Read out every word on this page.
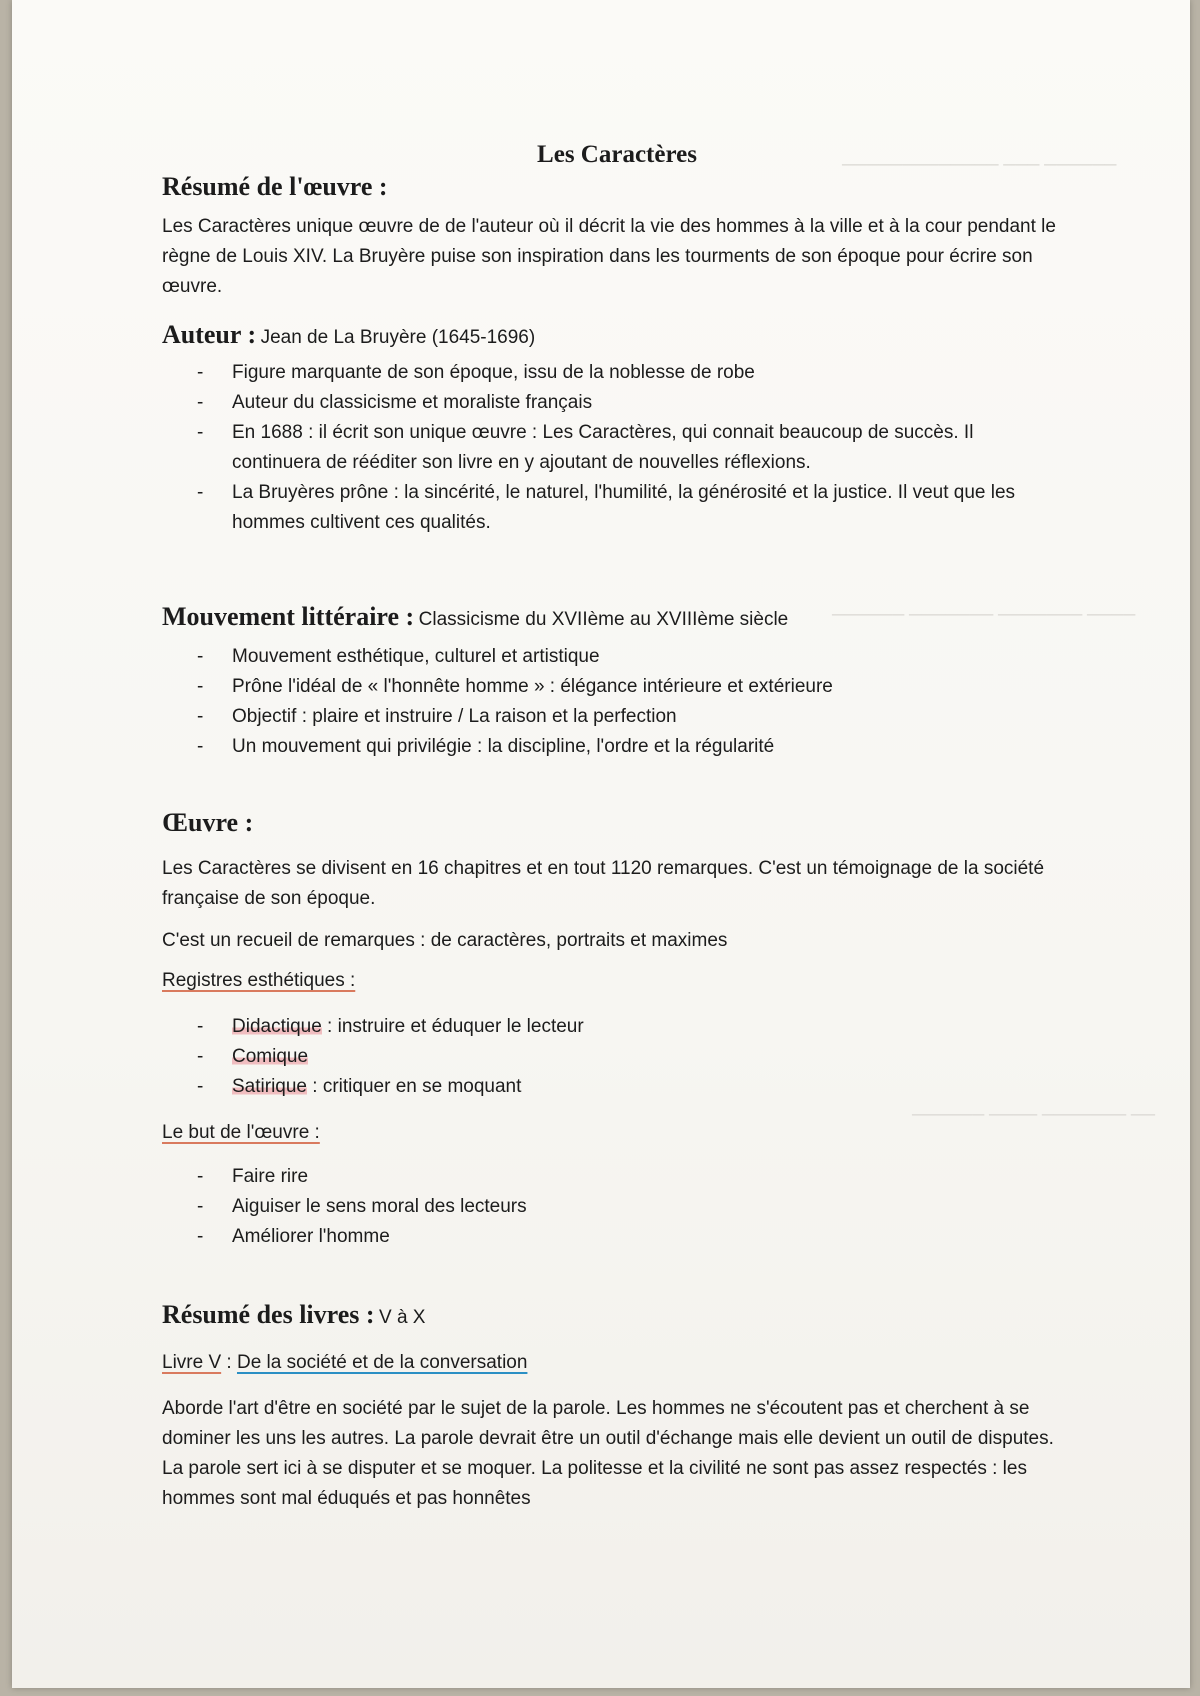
───────────── ─── ──────
────── ─────── ─────── ────
────── ──── ─────── ──
Les Caractères
Résumé de l'œuvre :

Les Caractères unique œuvre de de l'auteur où il décrit la vie des hommes à la ville et à la cour pendant le règne de Louis XIV. La Bruyère puise son inspiration dans les tourments de son époque pour écrire son œuvre.

Auteur : Jean de La Bruyère (1645-1696)
- Figure marquante de son époque, issu de la noblesse de robe
- Auteur du classicisme et moraliste français
- En 1688 : il écrit son unique œuvre : Les Caractères, qui connait beaucoup de succès. Il continuera de rééditer son livre en y ajoutant de nouvelles réflexions.
- La Bruyères prône : la sincérité, le naturel, l'humilité, la générosité et la justice. Il veut que les hommes cultivent ces qualités.
Mouvement littéraire : Classicisme du XVIIème au XVIIIème siècle
- Mouvement esthétique, culturel et artistique
- Prône l'idéal de « l'honnête homme » : élégance intérieure et extérieure
- Objectif : plaire et instruire / La raison et la perfection
- Un mouvement qui privilégie : la discipline, l'ordre et la régularité
Œuvre :

Les Caractères se divisent en 16 chapitres et en tout 1120 remarques. C'est un témoignage de la société française de son époque.

C'est un recueil de remarques : de caractères, portraits et maximes

Registres esthétiques :

- Didactique : instruire et éduquer le lecteur
- Comique
- Satirique : critiquer en se moquant

Le but de l'œuvre :

- Faire rire
- Aiguiser le sens moral des lecteurs
- Améliorer l'homme
Résumé des livres : V à X

Livre V : De la société et de la conversation

Aborde l'art d'être en société par le sujet de la parole. Les hommes ne s'écoutent pas et cherchent à se dominer les uns les autres. La parole devrait être un outil d'échange mais elle devient un outil de disputes. La parole sert ici à se disputer et se moquer. La politesse et la civilité ne sont pas assez respectés : les hommes sont mal éduqués et pas honnêtes
